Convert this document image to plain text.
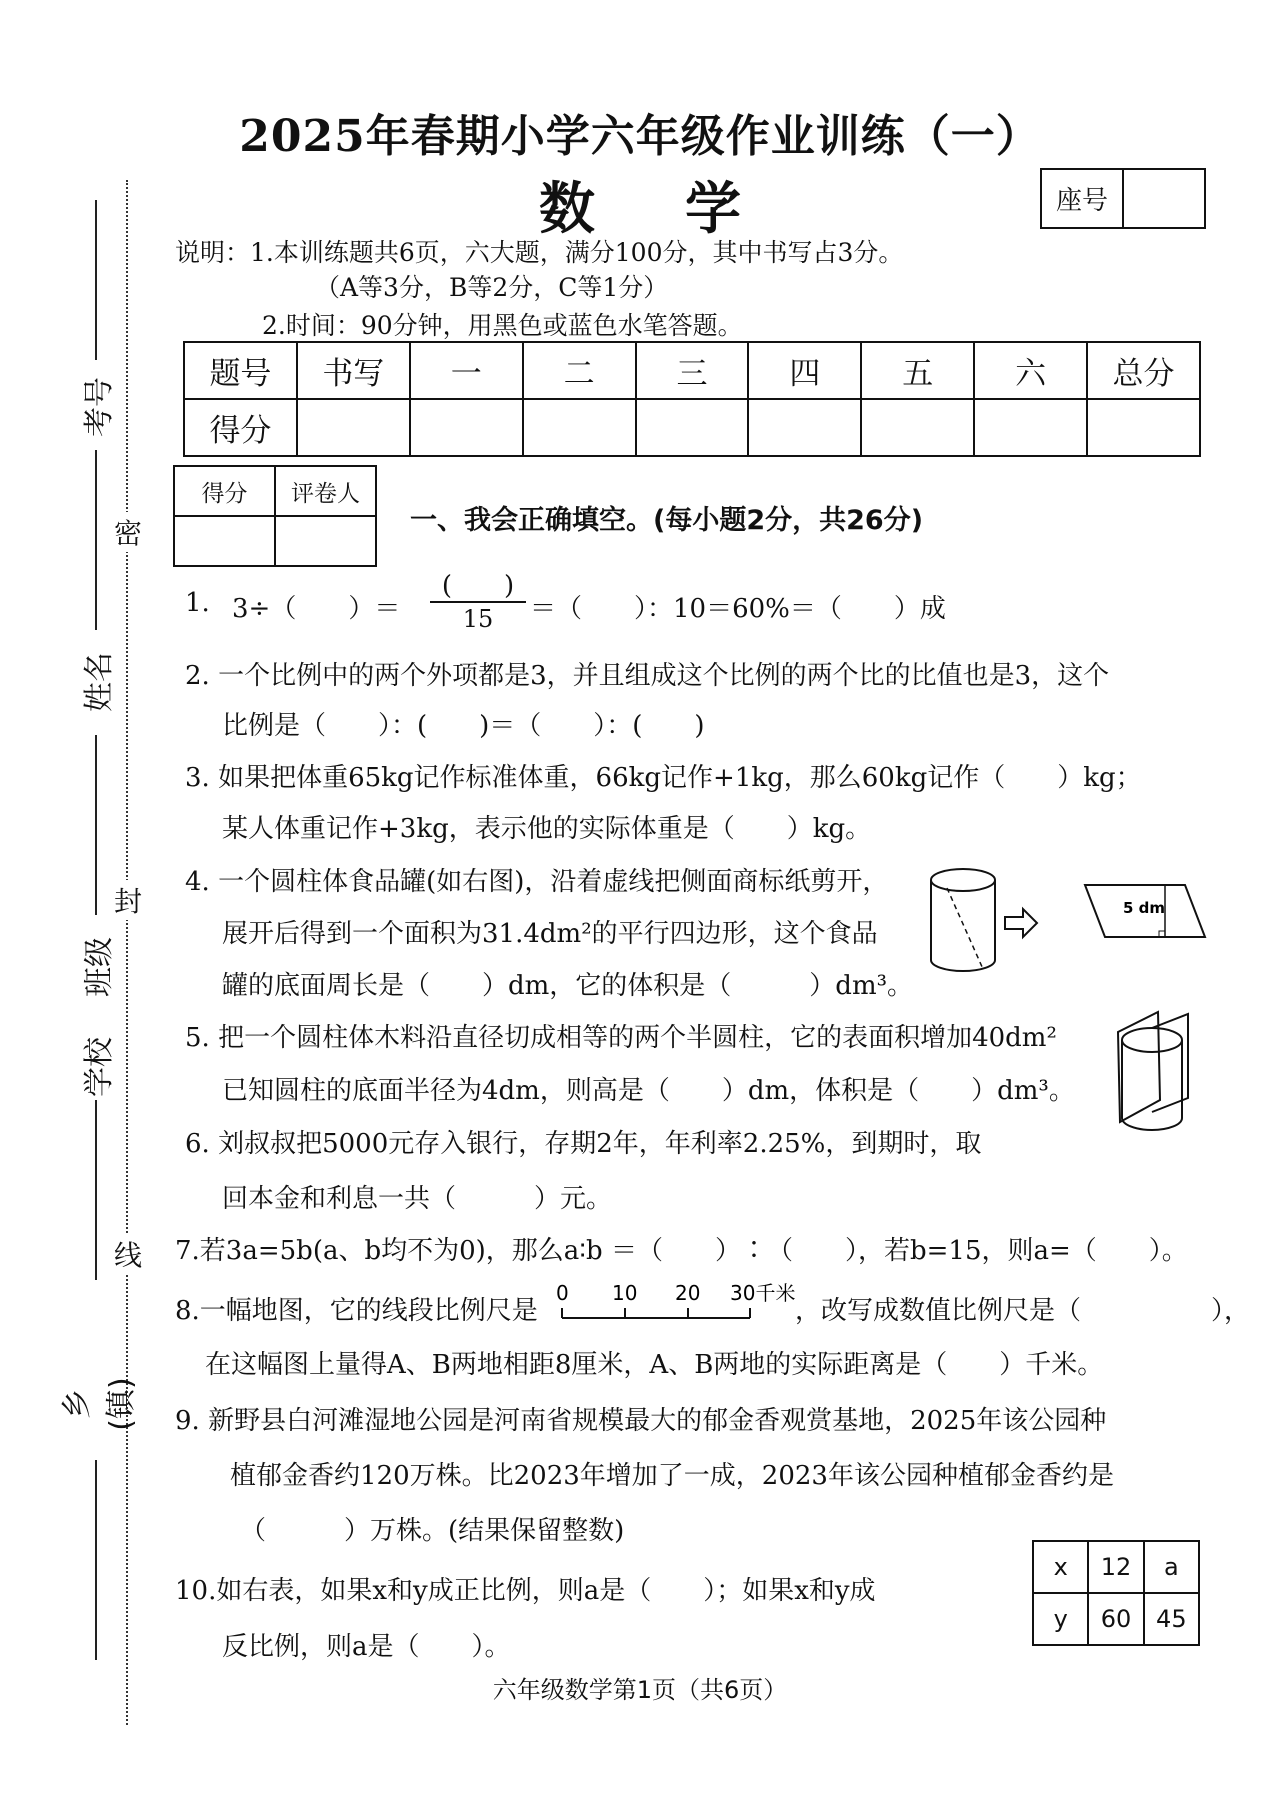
2025年春期小学六年级作业训练（一）
数学	座号
说明：1.本训练题共6页，六大题，满分100分，其中书写占3分。
（A等3分，B等2分，C等1分）
2.时间：90分钟，用黑色或蓝色水笔答题。
题号	书写	一	二	三	四	五	六	总分
得分								
得分	评卷人

一、我会正确填空。(每小题2分，共26分)
考号
姓名
班级
学校
乡(镇)
密
封
线
1. 3÷（　　）＝
(　　)
15	＝（　　）：10＝60%＝（　　）成
2. 一个比例中的两个外项都是3，并且组成这个比例的两个比的比值也是3，这个
比例是（　　）：(　　)＝（　　）：(　　)
3. 如果把体重65kg记作标准体重，66kg记作+1kg，那么60kg记作（　　）kg；
某人体重记作+3kg，表示他的实际体重是（　　）kg。
4. 一个圆柱体食品罐(如右图)，沿着虚线把侧面商标纸剪开，
展开后得到一个面积为31.4dm²的平行四边形，这个食品
罐的底面周长是（　　）dm，它的体积是（　　　）dm³。
5 dm
5. 把一个圆柱体木料沿直径切成相等的两个半圆柱，它的表面积增加40dm²
已知圆柱的底面半径为4dm，则高是（　　）dm，体积是（　　）dm³。
6. 刘叔叔把5000元存入银行，存期2年，年利率2.25%，到期时，取
回本金和利息一共（　　　）元。
7.若3a=5b(a、b均不为0)，那么a∶b ＝（　　）∶（　　），若b=15，则a=（　　）。
8.一幅地图，它的线段比例尺是
0 10 20 30千米
，改写成数值比例尺是（　　　　　），
在这幅图上量得A、B两地相距8厘米，A、B两地的实际距离是（　　）千米。
9. 新野县白河滩湿地公园是河南省规模最大的郁金香观赏基地，2025年该公园种
植郁金香约120万株。比2023年增加了一成，2023年该公园种植郁金香约是
（　　　）万株。(结果保留整数)
10.如右表，如果x和y成正比例，则a是（　　）；如果x和y成
反比例，则a是（　　）。
x	12	a
y	60	45
六年级数学第1页（共6页）
